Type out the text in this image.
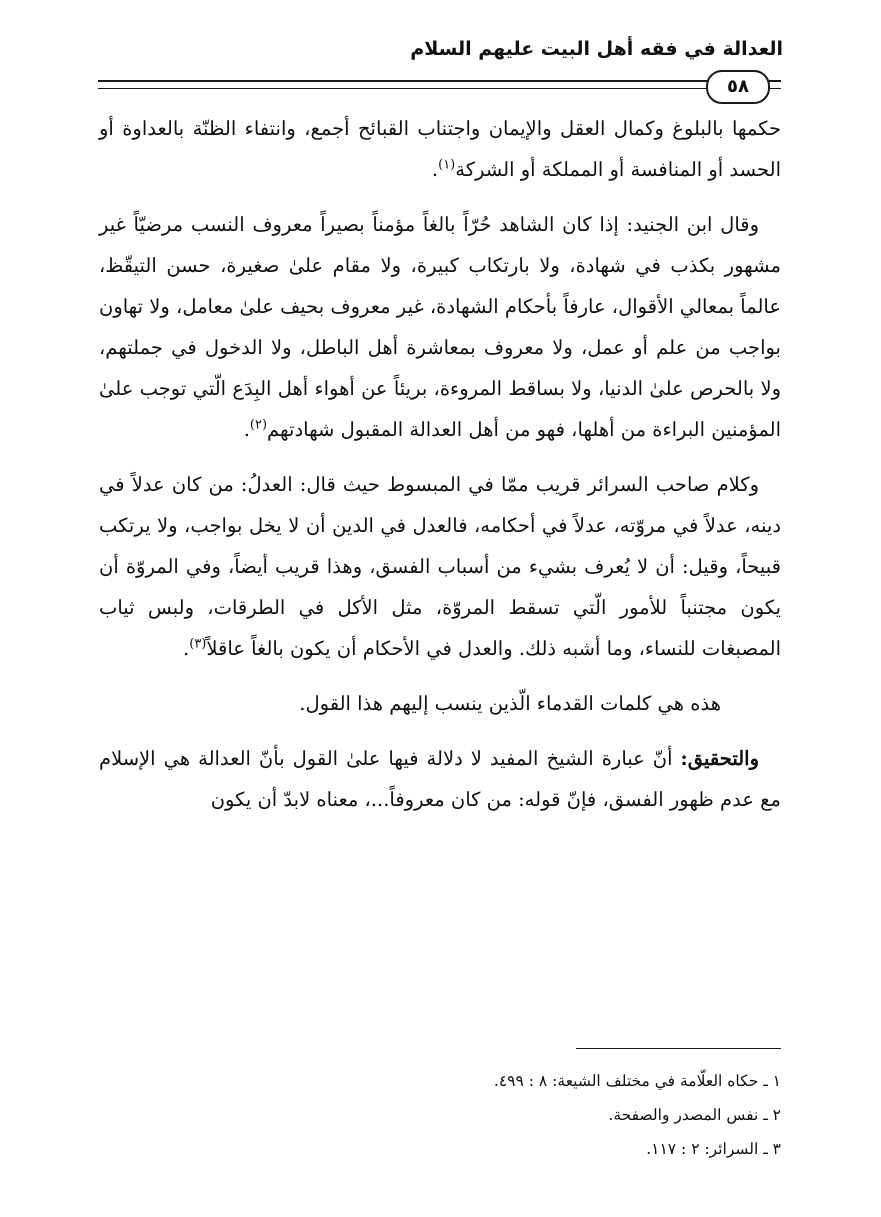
العدالة في فقه أهل البيت عليهم السلام
٥٨

حكمها بالبلوغ وكمال العقل والإيمان واجتناب القبائح أجمع، وانتفاء الظنّة بالعداوة أو الحسد أو المنافسة أو المملكة أو الشركة$^{(١)}$.

وقال ابن الجنيد: إذا كان الشاهد حُرّاً بالغاً مؤمناً بصيراً معروف النسب مرضيّاً غير مشهور بكذب في شهادة، ولا بارتكاب كبيرة، ولا مقام علىٰ صغيرة، حسن التيقّظ، عالماً بمعالي الأقوال، عارفاً بأحكام الشهادة، غير معروف بحيف علىٰ معامل، ولا تهاون بواجب من علم أو عمل، ولا معروف بمعاشرة أهل الباطل، ولا الدخول في جملتهم، ولا بالحرص علىٰ الدنيا، ولا بساقط المروءة، بريئاً عن أهواء أهل البِدَع الّتي توجب علىٰ المؤمنين البراءة من أهلها، فهو من أهل العدالة المقبول شهادتهم$^{(٢)}$.

وكلام صاحب السرائر قريب ممّا في المبسوط حيث قال: العدلُ: من كان عدلاً في دينه، عدلاً في مروّته، عدلاً في أحكامه، فالعدل في الدين أن لا يخل بواجب، ولا يرتكب قبيحاً، وقيل: أن لا يُعرف بشيء من أسباب الفسق، وهذا قريب أيضاً، وفي المروّة أن يكون مجتنباً للأمور الّتي تسقط المروّة، مثل الأكل في الطرقات، ولبس ثياب المصبغات للنساء، وما أشبه ذلك. والعدل في الأحكام أن يكون بالغاً عاقلاً$^{(٣)}$.

هذه هي كلمات القدماء الّذين ينسب إليهم هذا القول.

والتحقيق: أنّ عبارة الشيخ المفيد لا دلالة فيها علىٰ القول بأنّ العدالة هي الإسلام مع عدم ظهور الفسق، فإنّ قوله: من كان معروفاً...، معناه لابدّ أن يكون

١ ـ حكاه العلّامة في مختلف الشيعة: ٨ : ٤٩٩.

٢ ـ نفس المصدر والصفحة.

٣ ـ السرائر: ٢ : ١١٧.
